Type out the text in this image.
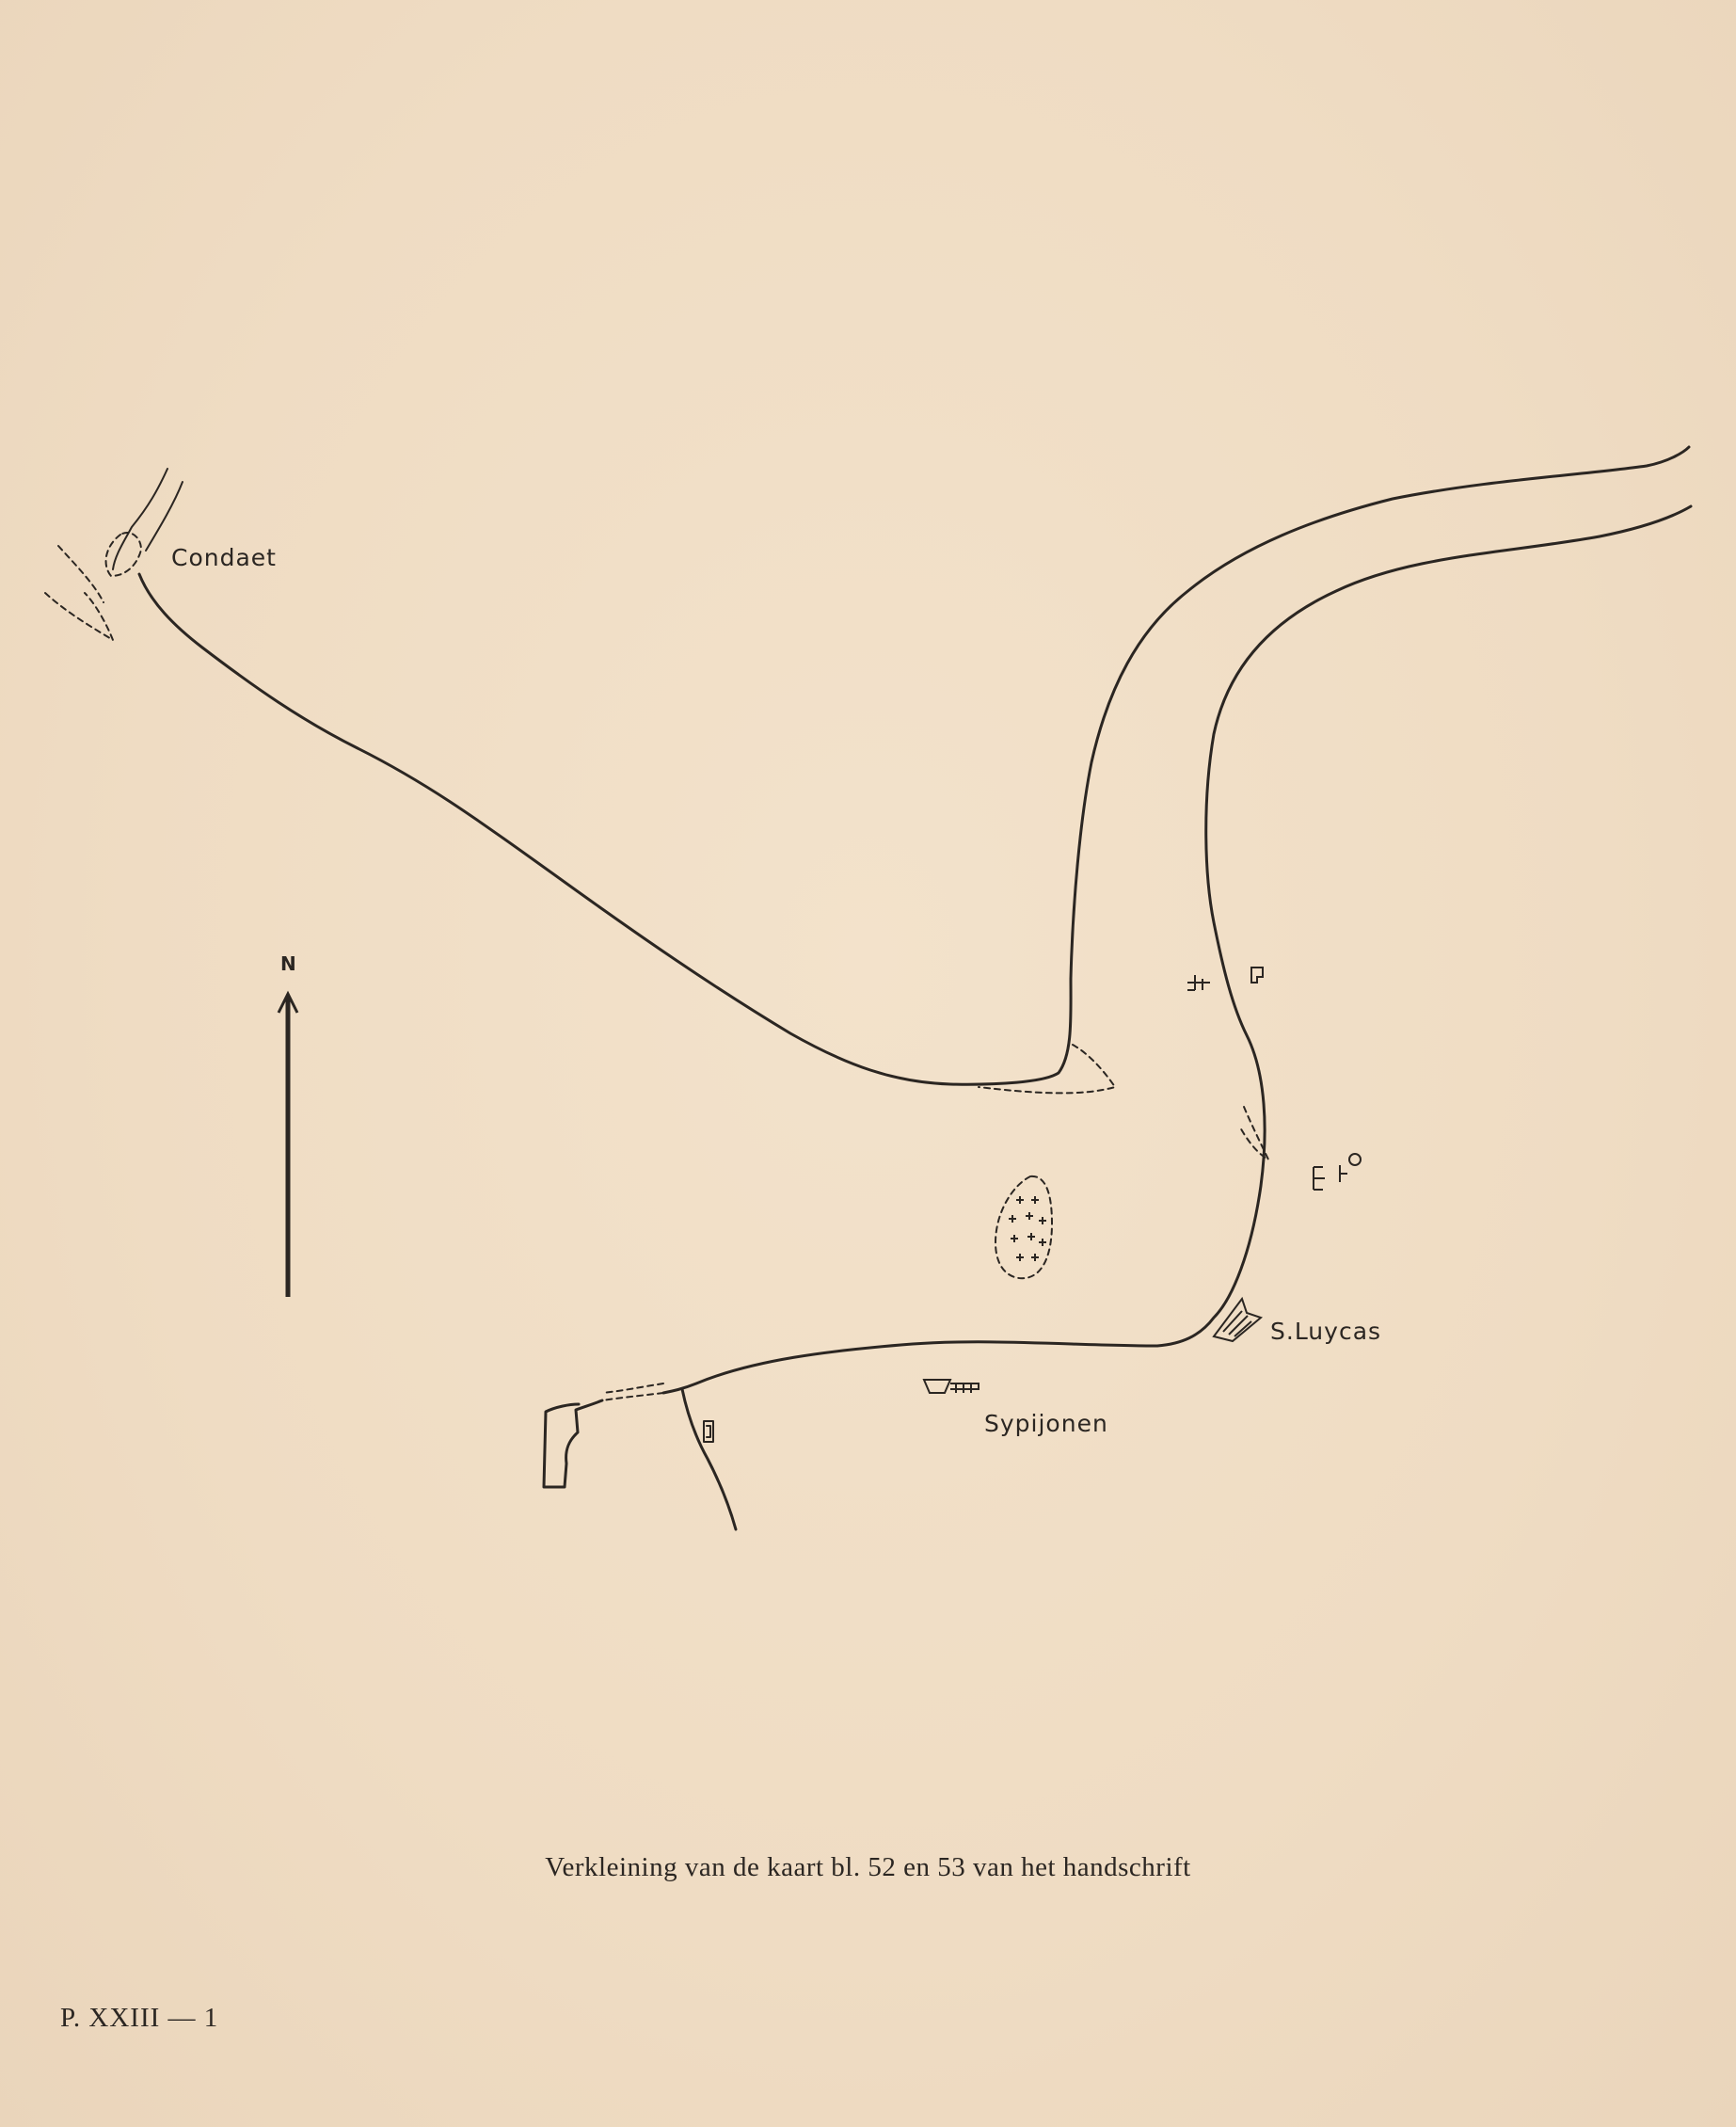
Condaet
S.Luycas
Sypijonen
N
Verkleining van de kaart bl. 52 en 53 van het handschrift
P. XXIII — 1
